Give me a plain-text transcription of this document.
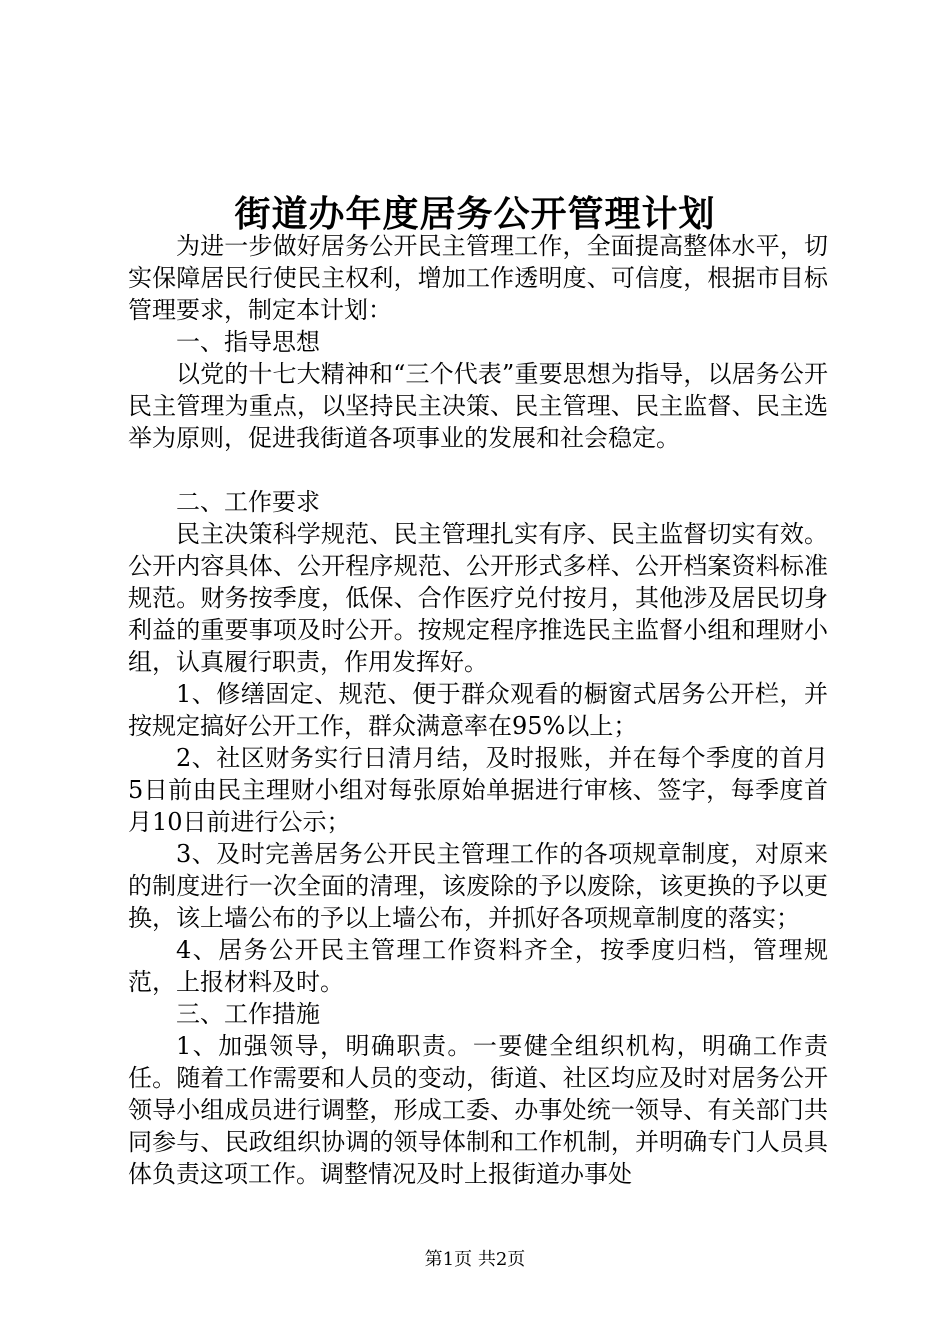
街道办年度居务公开管理计划

为进一步做好居务公开民主管理工作，全面提高整体水平，切实保障居民行使民主权利，增加工作透明度、可信度，根据市目标管理要求，制定本计划：

一、指导思想

以党的十七大精神和“三个代表”重要思想为指导，以居务公开民主管理为重点，以坚持民主决策、民主管理、民主监督、民主选举为原则，促进我街道各项事业的发展和社会稳定。

二、工作要求

民主决策科学规范、民主管理扎实有序、民主监督切实有效。公开内容具体、公开程序规范、公开形式多样、公开档案资料标准规范。财务按季度，低保、合作医疗兑付按月，其他涉及居民切身利益的重要事项及时公开。按规定程序推选民主监督小组和理财小组，认真履行职责，作用发挥好。

1、修缮固定、规范、便于群众观看的橱窗式居务公开栏，并按规定搞好公开工作，群众满意率在95%以上；

2、社区财务实行日清月结，及时报账，并在每个季度的首月5日前由民主理财小组对每张原始单据进行审核、签字，每季度首月10日前进行公示；

3、及时完善居务公开民主管理工作的各项规章制度，对原来的制度进行一次全面的清理，该废除的予以废除，该更换的予以更换，该上墙公布的予以上墙公布，并抓好各项规章制度的落实；

4、居务公开民主管理工作资料齐全，按季度归档，管理规范，上报材料及时。

三、工作措施

1、加强领导，明确职责。一要健全组织机构，明确工作责任。随着工作需要和人员的变动，街道、社区均应及时对居务公开领导小组成员进行调整，形成工委、办事处统一领导、有关部门共同参与、民政组织协调的领导体制和工作机制，并明确专门人员具体负责这项工作。调整情况及时上报街道办事处

第1页 共2页
